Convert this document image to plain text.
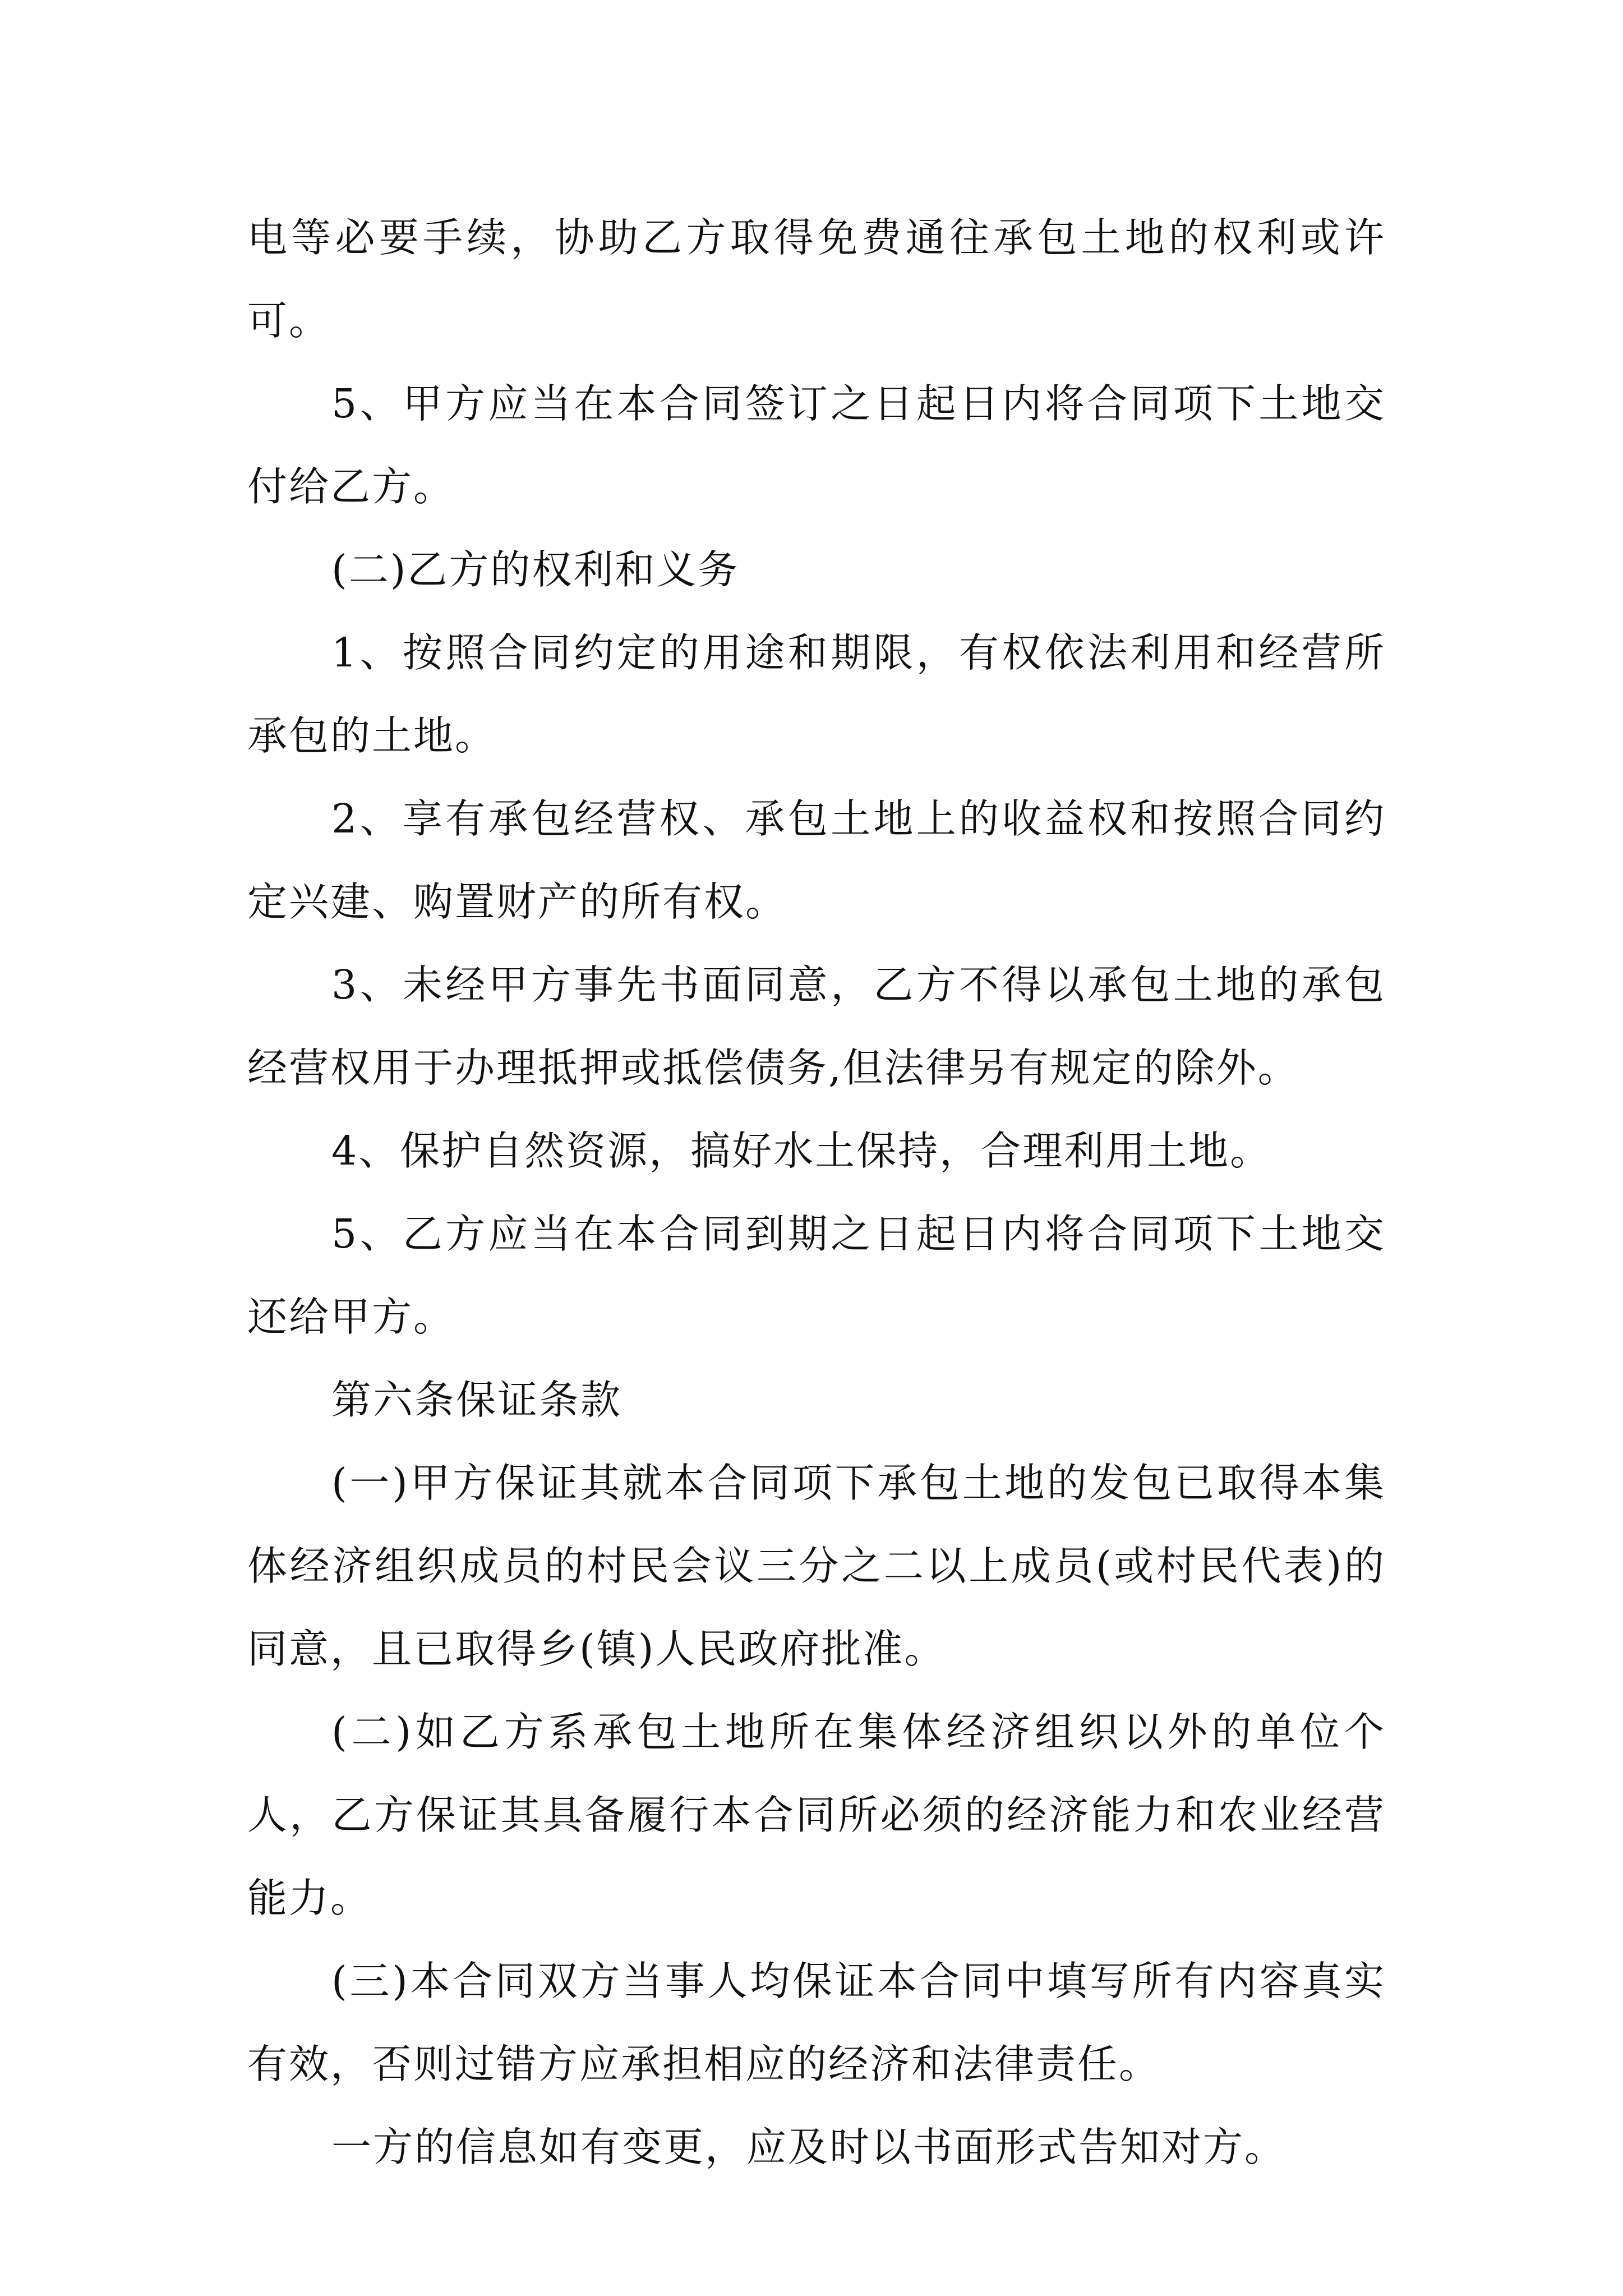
电等必要手续，协助乙方取得免费通往承包土地的权利或许可。

5、甲方应当在本合同签订之日起日内将合同项下土地交付给乙方。

(二)乙方的权利和义务

1、按照合同约定的用途和期限，有权依法利用和经营所承包的土地。

2、享有承包经营权、承包土地上的收益权和按照合同约定兴建、购置财产的所有权。

3、未经甲方事先书面同意，乙方不得以承包土地的承包经营权用于办理抵押或抵偿债务,但法律另有规定的除外。

4、保护自然资源，搞好水土保持，合理利用土地。

5、乙方应当在本合同到期之日起日内将合同项下土地交还给甲方。

第六条保证条款

(一)甲方保证其就本合同项下承包土地的发包已取得本集体经济组织成员的村民会议三分之二以上成员(或村民代表)的同意，且已取得乡(镇)人民政府批准。

(二)如乙方系承包土地所在集体经济组织以外的单位个人，乙方保证其具备履行本合同所必须的经济能力和农业经营能力。

(三)本合同双方当事人均保证本合同中填写所有内容真实有效，否则过错方应承担相应的经济和法律责任。

一方的信息如有变更，应及时以书面形式告知对方。
